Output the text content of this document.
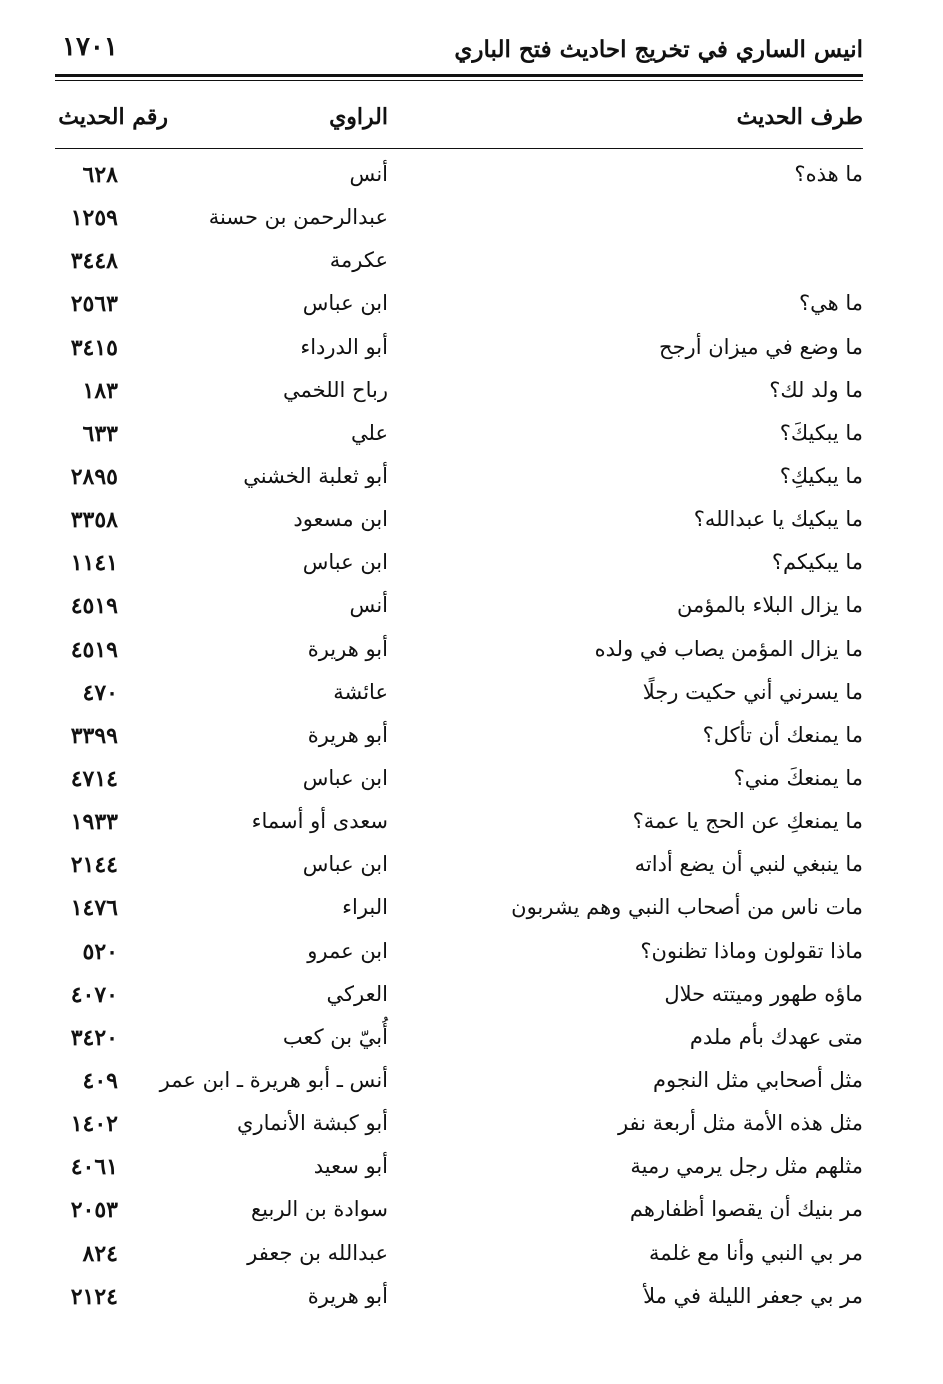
انيس الساري في تخريج احاديث فتح الباري
١٧٠١
طرف الحديث
الراوي
رقم الحديث
ما هذه؟
أنس
٦٢٨
عبدالرحمن بن حسنة
١٢٥٩
عكرمة
٣٤٤٨
ما هي؟
ابن عباس
٢٥٦٣
ما وضع في ميزان أرجح
أبو الدرداء
٣٤١٥
ما ولد لك؟
رباح اللخمي
١٨٣
ما يبكيكَ؟
علي
٦٣٣
ما يبكيكِ؟
أبو ثعلبة الخشني
٢٨٩٥
ما يبكيك يا عبدالله؟
ابن مسعود
٣٣٥٨
ما يبكيكم؟
ابن عباس
١١٤١
ما يزال البلاء بالمؤمن
أنس
٤٥١٩
ما يزال المؤمن يصاب في ولده
أبو هريرة
٤٥١٩
ما يسرني أني حكيت رجلًا
عائشة
٤٧٠
ما يمنعك أن تأكل؟
أبو هريرة
٣٣٩٩
ما يمنعكَ مني؟
ابن عباس
٤٧١٤
ما يمنعكِ عن الحج يا عمة؟
سعدى أو أسماء
١٩٣٣
ما ينبغي لنبي أن يضع أداته
ابن عباس
٢١٤٤
مات ناس من أصحاب النبي وهم يشربون
البراء
١٤٧٦
ماذا تقولون وماذا تظنون؟
ابن عمرو
٥٢٠
ماؤه طهور وميتته حلال
العركي
٤٠٧٠
متى عهدك بأم ملدم
أُبيّ بن كعب
٣٤٢٠
مثل أصحابي مثل النجوم
أنس ـ أبو هريرة ـ ابن عمر
٤٠٩
مثل هذه الأمة مثل أربعة نفر
أبو كبشة الأنماري
١٤٠٢
مثلهم مثل رجل يرمي رمية
أبو سعيد
٤٠٦١
مر بنيك أن يقصوا أظفارهم
سوادة بن الربيع
٢٠٥٣
مر بي النبي وأنا مع غلمة
عبدالله بن جعفر
٨٢٤
مر بي جعفر الليلة في ملأ
أبو هريرة
٢١٢٤
